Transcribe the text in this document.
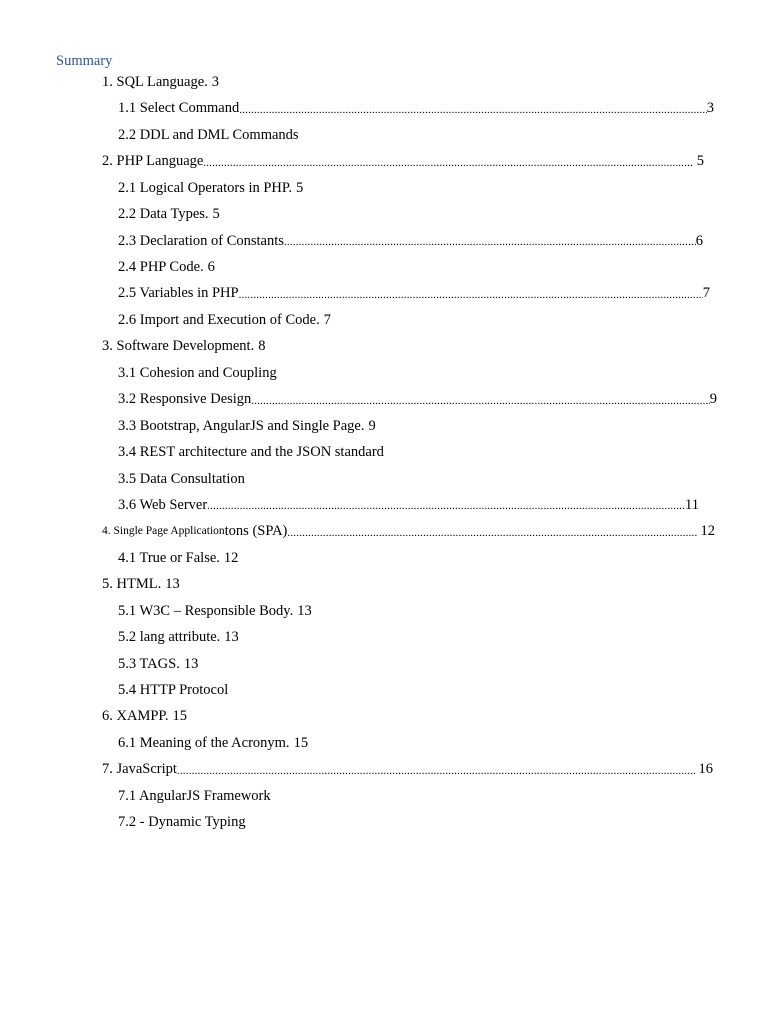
Summary
1. SQL Language. 3
1.1 Select Command .....	3
2.2 DDL and DML Commands
2. PHP Language .....	5
2.1 Logical Operators in PHP. 5
2.2 Data Types. 5
2.3 Declaration of Constants .....	6
2.4 PHP Code. 6
2.5 Variables in PHP .....	7
2.6 Import and Execution of Code. 7
3. Software Development. 8
3.1 Cohesion and Coupling
3.2 Responsive Design .....	9
3.3 Bootstrap, AngularJS and Single Page. 9
3.4 REST architecture and the JSON standard
3.5 Data Consultation
3.6 Web Server .....	11
4. Single Page Application tons (SPA) .....	12
4.1 True or False. 12
5. HTML. 13
5.1 W3C – Responsible Body. 13
5.2 lang attribute. 13
5.3 TAGS. 13
5.4 HTTP Protocol
6. XAMPP. 15
6.1 Meaning of the Acronym. 15
7. JavaScript .....	16
7.1 AngularJS Framework
7.2 - Dynamic Typing
